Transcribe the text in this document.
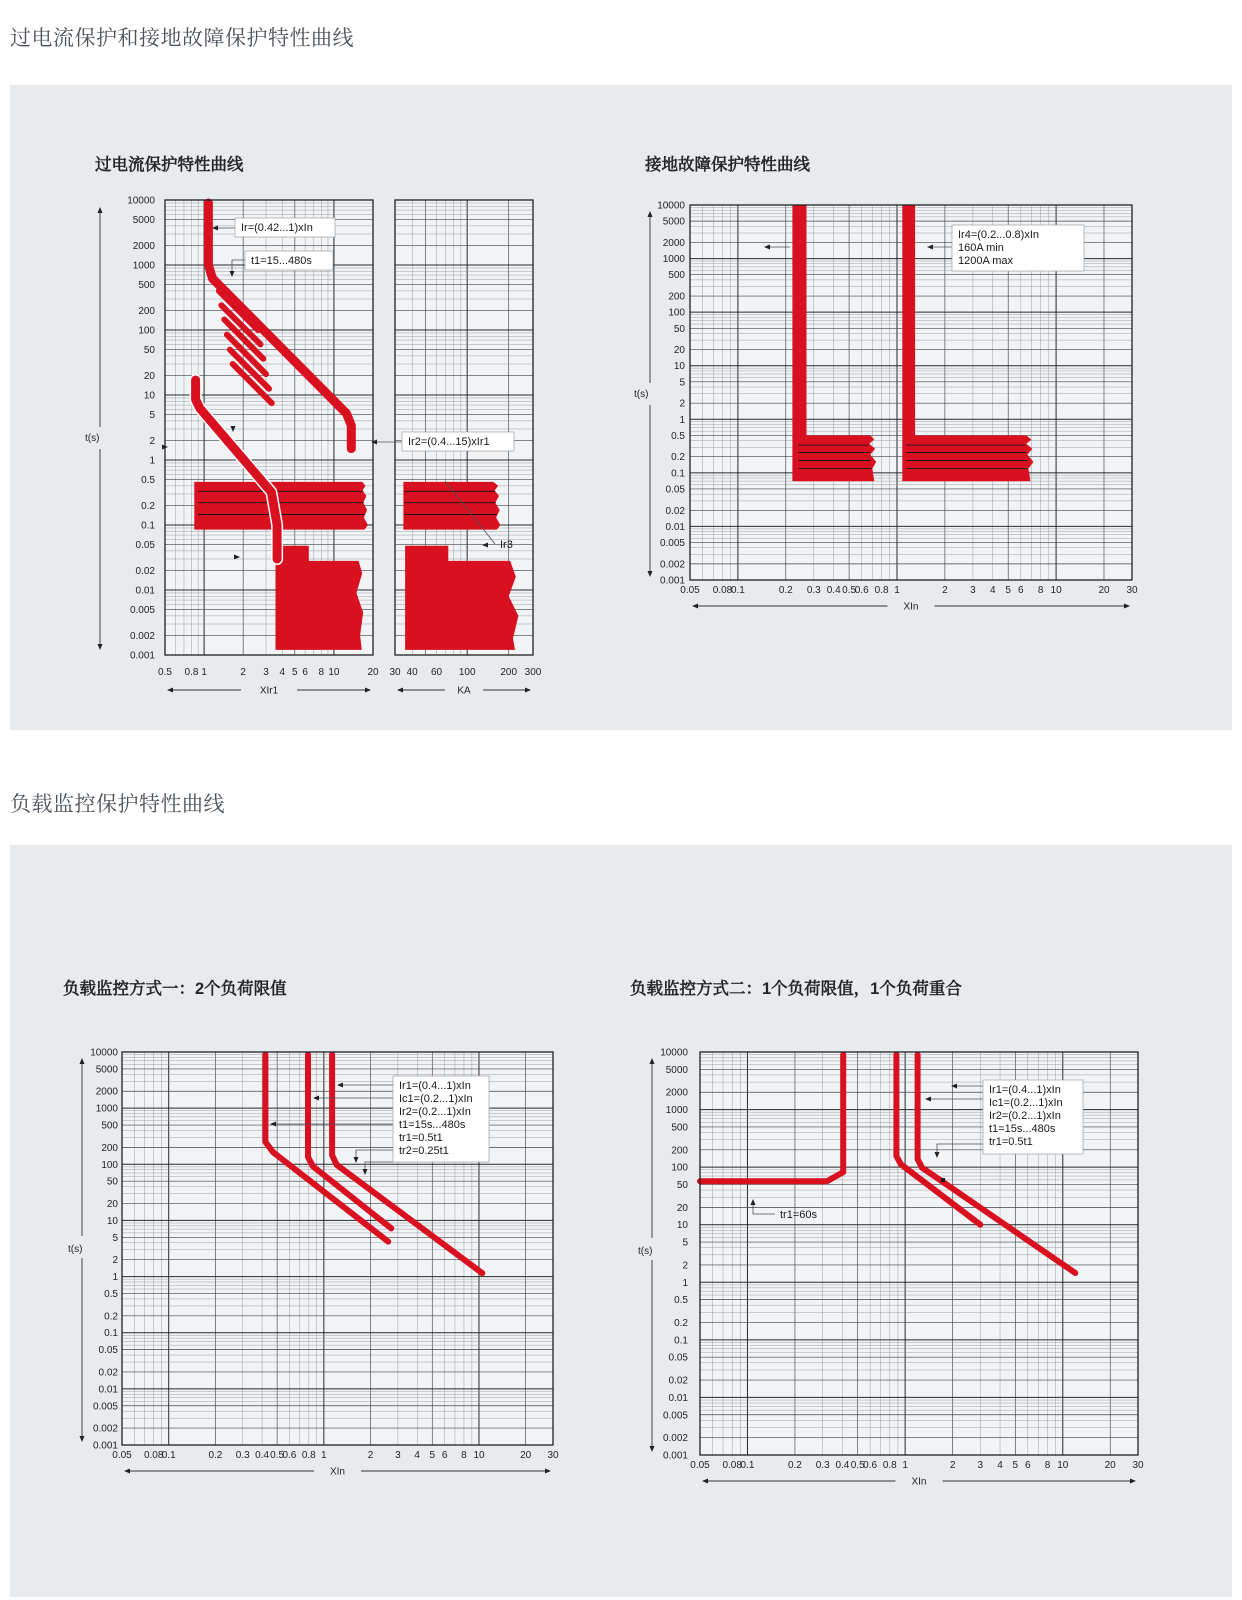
过电流保护和接地故障保护特性曲线
过电流保护特性曲线	接地故障保护特性曲线
0.5 0.8 1	2 3 4 5 6 8 10	20
XIr1
30 40 60 100 200 300
KA
10000
5000
2000
1000
500
200
100
50
20
10
5
2
1
0.5
0.2
0.1
0.05
0.02
0.01
0.005
0.002
0.001
t(s)
Ir=(0.42...1)xIn
t1=15...480s
Ir2=(0.4...15)xIr1
Ir3
0.05 0.08
0.1	0.2 0.3 0.4 0.5
0.6 0.8 1	2 3 4 5 6 8 10	20 30
XIn
10000
5000
2000
1000
500
200
100
50
20
10
5
2
1
0.5
0.2
0.1
0.05
0.02
0.01
0.005
0.002
0.001
t(s)
Ir4=(0.2...0.8)xIn
160A min
1200A max
负载监控保护特性曲线
负载监控方式一：2个负荷限值	负载监控方式二：1个负荷限值，1个负荷重合
0.05 0.08
0.1	0.2 0.3 0.4 0.5
0.6 0.8 1	2 3 4 5 6 8 10	20 30
XIn
10000
5000
2000
1000
500
200
100
50
20
10
5
2
1
0.5
0.2
0.1
0.05
0.02
0.01
0.005
0.002
0.001
t(s)
Ir1=(0.4...1)xIn
Ic1=(0.2...1)xIn
Ir2=(0.2...1)xIn
t1=15s...480s
tr1=0.5t1
tr2=0.25t1
0.05 0.08
0.1	0.2 0.3 0.4 0.5
0.6 0.8 1	2 3 4 5 6 8 10	20 30
XIn
10000
5000
2000
1000
500
200
100
50
20
10
5
2
1
0.5
0.2
0.1
0.05
0.02
0.01
0.005
0.002
0.001
t(s)
Ir1=(0.4...1)xIn
Ic1=(0.2...1)xIn
Ir2=(0.2...1)xIn
t1=15s...480s
tr1=0.5t1
tr1=60s
